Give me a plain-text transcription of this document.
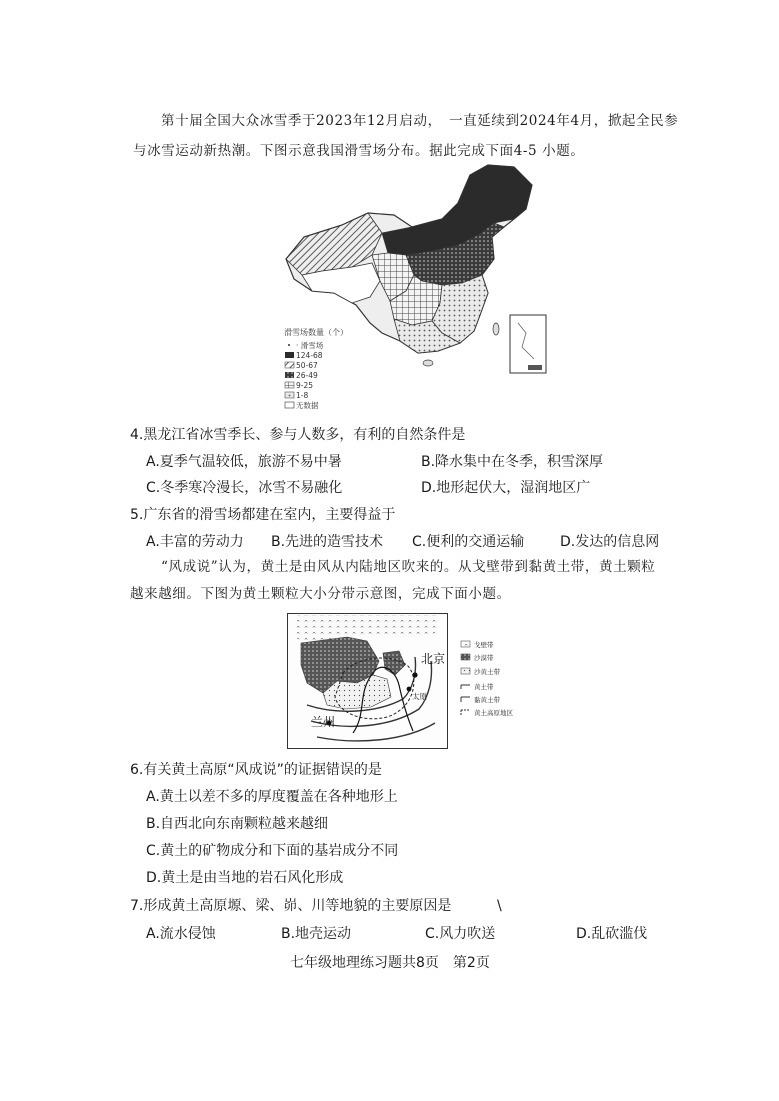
第十届全国大众冰雪季于2023年12月启动，　一直延续到2024年4月，掀起全民参
与冰雪运动新热潮。下图示意我国滑雪场分布。据此完成下面4-5 小题。
滑雪场数量（个）
· 滑雪场
124-68
50-67
26-49
9-25
1-8
无数据
4.黑龙江省冰雪季长、参与人数多，有利的自然条件是
A.夏季气温较低，旅游不易中暑	B.降水集中在冬季，积雪深厚
C.冬季寒冷漫长，冰雪不易融化	D.地形起伏大，湿润地区广
5.广东省的滑雪场都建在室内，主要得益于
A.丰富的劳动力 B.先进的造雪技术 C.便利的交通运输	D.发达的信息网
“风成说”认为，黄土是由风从内陆地区吹来的。从戈壁带到黏黄土带，黄土颗粒
越来越细。下图为黄土颗粒大小分带示意图，完成下面小题。
北京
太原
兰州
戈壁带
沙漠带
沙黄土带
黄土带
黏黄土带
黄土高原地区
6.有关黄土高原“风成说”的证据错误的是
A.黄土以差不多的厚度覆盖在各种地形上
B.自西北向东南颗粒越来越细
C.黄土的矿物成分和下面的基岩成分不同
D.黄土是由当地的岩石风化形成
7.形成黄土高原塬、梁、峁、川等地貌的主要原因是	\
A.流水侵蚀	B.地壳运动	C.风力吹送	D.乱砍滥伐
七年级地理练习题共8页　第2页
